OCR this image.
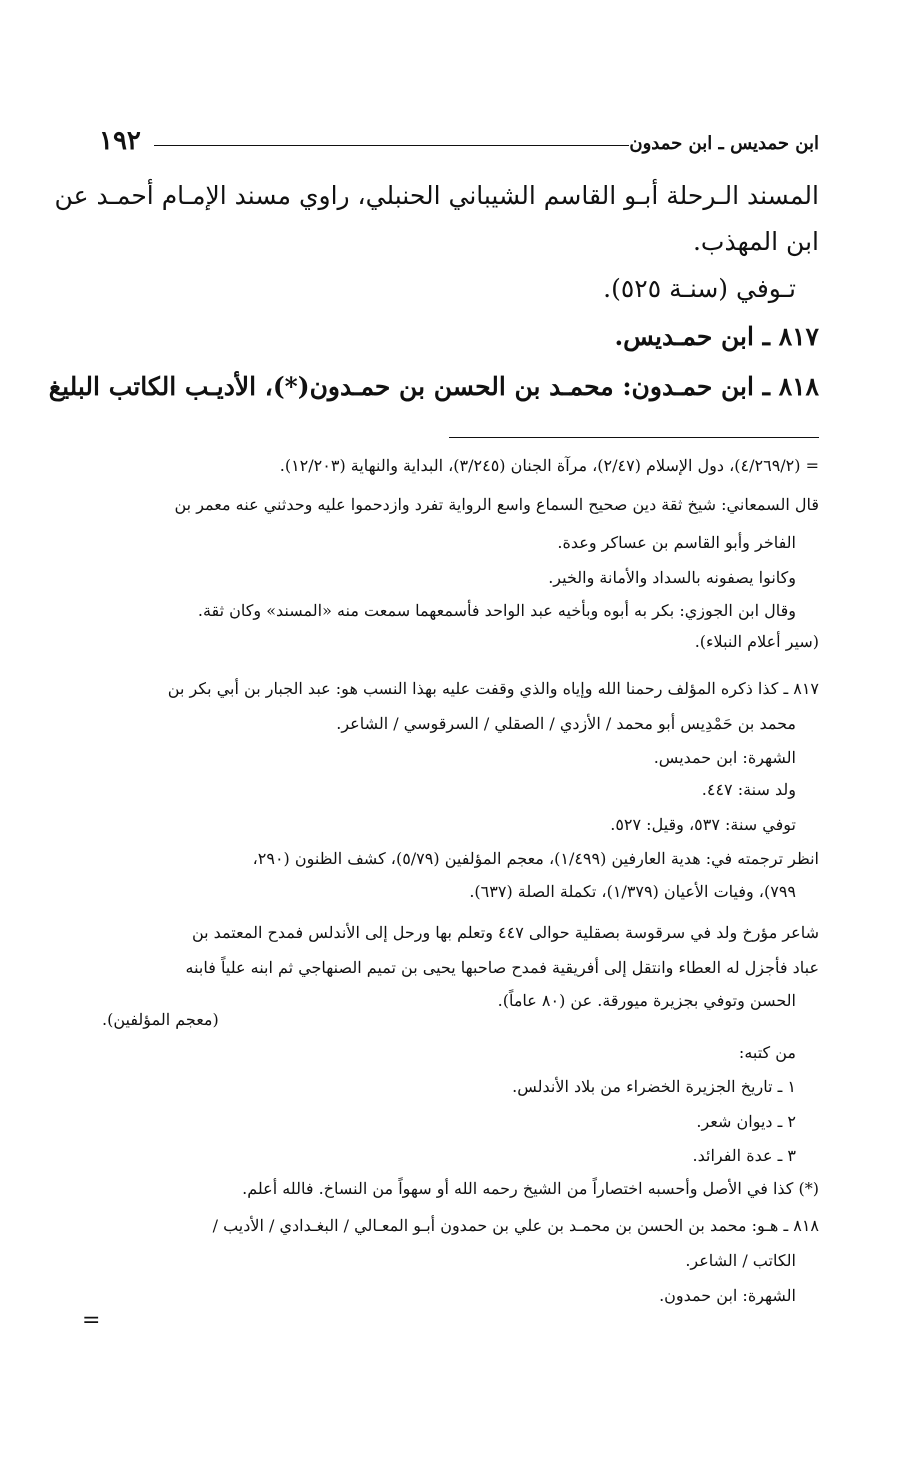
ابن حمديس ـ ابن حمدون
١٩٢
المسند الـرحلة أبـو القاسم الشيباني الحنبلي، راوي مسند الإمـام أحمـد عن
ابن المهذب.
تـوفي (سنـة ٥٢٥).
٨١٧ ـ ابن حمـديس.
٨١٨ ـ ابن حمـدون: محمـد بن الحسن بن حمـدون(*)، الأديـب الكاتب البليغ
= (٤/٢٦٩/٢)، دول الإسلام (٢/٤٧)، مرآة الجنان (٣/٢٤٥)، البداية والنهاية (١٢/٢٠٣).
قال السمعاني: شيخ ثقة دين صحيح السماع واسع الرواية تفرد وازدحموا عليه وحدثني عنه معمر بن
الفاخر وأبو القاسم بن عساكر وعدة.
وكانوا يصفونه بالسداد والأمانة والخير.
وقال ابن الجوزي: بكر به أبوه وبأخيه عبد الواحد فأسمعهما سمعت منه «المسند» وكان ثقة.
(سير أعلام النبلاء).
٨١٧ ـ كذا ذكره المؤلف رحمنا الله وإياه والذي وقفت عليه بهذا النسب هو: عبد الجبار بن أبي بكر بن
محمد بن حَمْدِيس أبو محمد / الأزدي / الصقلي / السرقوسي / الشاعر.
الشهرة: ابن حمديس.
ولد سنة: ٤٤٧.
توفي سنة: ٥٣٧، وقيل: ٥٢٧.
انظر ترجمته في: هدية العارفين (١/٤٩٩)، معجم المؤلفين (٥/٧٩)، كشف الظنون (٢٩٠،
٧٩٩)، وفيات الأعيان (١/٣٧٩)، تكملة الصلة (٦٣٧).
شاعر مؤرخ ولد في سرقوسة بصقلية حوالى ٤٤٧ وتعلم بها ورحل إلى الأندلس فمدح المعتمد بن
عباد فأجزل له العطاء وانتقل إلى أفريقية فمدح صاحبها يحيى بن تميم الصنهاجي ثم ابنه علياً فابنه
الحسن وتوفي بجزيرة ميورقة. عن (٨٠ عاماً).
(معجم المؤلفين).
من كتبه:
١ ـ تاريخ الجزيرة الخضراء من بلاد الأندلس.
٢ ـ ديوان شعر.
٣ ـ عدة الفرائد.
(*) كذا في الأصل وأحسبه اختصاراً من الشيخ رحمه الله أو سهواً من النساخ. فالله أعلم.
٨١٨ ـ هـو: محمد بن الحسن بن محمـد بن علي بن حمدون أبـو المعـالي / البغـدادي / الأديب /
الكاتب / الشاعر.
الشهرة: ابن حمدون.
=
